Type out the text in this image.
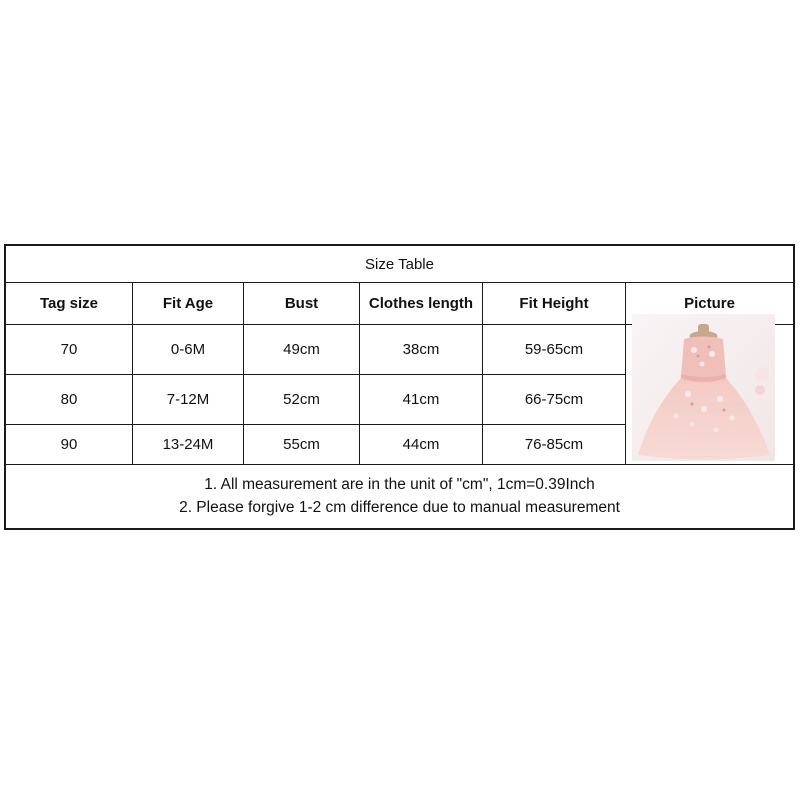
Size Table
Tag size	Fit Age	Bust	Clothes length	Fit Height	Picture
70	0-6M	49cm	38cm	59-65cm
80	7-12M	52cm	41cm	66-75cm
90	13-24M	55cm	44cm	76-85cm
1. All measurement are in the unit of "cm", 1cm=0.39Inch
2. Please forgive 1-2 cm difference due to manual measurement
